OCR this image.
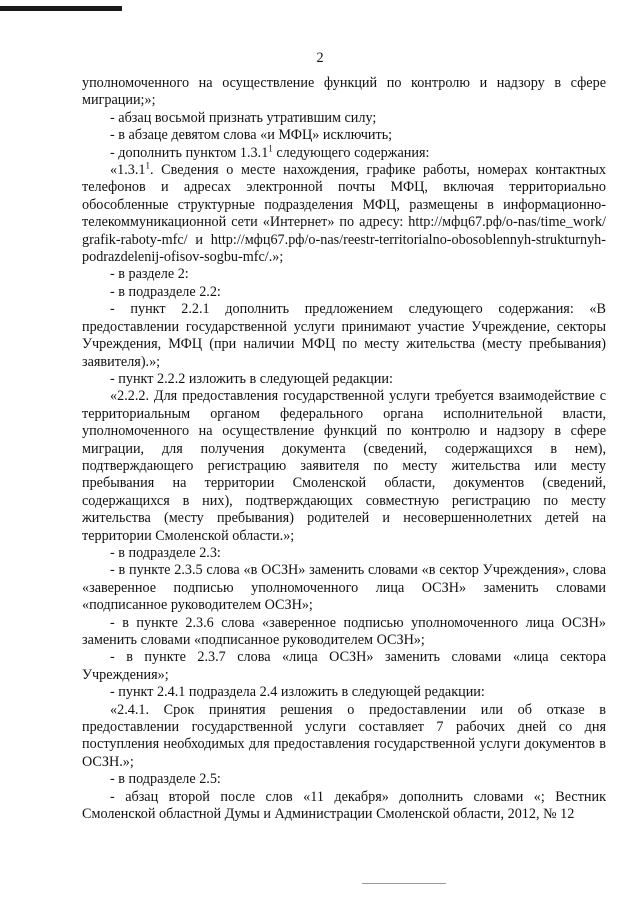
2

уполномоченного на осуществление функций по контролю и надзору в сфере миграции;»;

- абзац восьмой признать утратившим силу;

- в абзаце девятом слова «и МФЦ» исключить;

- дополнить пунктом 1.3.1$^1$ следующего содержания:

«1.3.1$^1$. Сведения о месте нахождения, графике работы, номерах контактных телефонов и адресах электронной почты МФЦ, включая территориально обособленные структурные подразделения МФЦ, размещены в информационно-телекоммуникационной сети «Интернет» по адресу: http://мфц67.рф/o-nas/time_work/ grafik-raboty-mfc/ и http://мфц67.рф/o-nas/reestr-territorialno-obosoblennyh-strukturnyh-podrazdelenij-ofisov-sogbu-mfc/.»;

- в разделе 2:

- в подразделе 2.2:

- пункт 2.2.1 дополнить предложением следующего содержания: «В предоставлении государственной услуги принимают участие Учреждение, секторы Учреждения, МФЦ (при наличии МФЦ по месту жительства (месту пребывания) заявителя).»;

- пункт 2.2.2 изложить в следующей редакции:

«2.2.2. Для предоставления государственной услуги требуется взаимодействие с территориальным органом федерального органа исполнительной власти, уполномоченного на осуществление функций по контролю и надзору в сфере миграции, для получения документа (сведений, содержащихся в нем), подтверждающего регистрацию заявителя по месту жительства или месту пребывания на территории Смоленской области, документов (сведений, содержащихся в них), подтверждающих совместную регистрацию по месту жительства (месту пребывания) родителей и несовершеннолетних детей на территории Смоленской области.»;

- в подразделе 2.3:

- в пункте 2.3.5 слова «в ОСЗН» заменить словами «в сектор Учреждения», слова «заверенное подписью уполномоченного лица ОСЗН» заменить словами «подписанное руководителем ОСЗН»;

- в пункте 2.3.6 слова «заверенное подписью уполномоченного лица ОСЗН» заменить словами «подписанное руководителем ОСЗН»;

- в пункте 2.3.7 слова «лица ОСЗН» заменить словами «лица сектора Учреждения»;

- пункт 2.4.1 подраздела 2.4 изложить в следующей редакции:

«2.4.1. Срок принятия решения о предоставлении или об отказе в предоставлении государственной услуги составляет 7 рабочих дней со дня поступления необходимых для предоставления государственной услуги документов в ОСЗН.»;

- в подразделе 2.5:

- абзац второй после слов «11 декабря» дополнить словами «; Вестник Смоленской областной Думы и Администрации Смоленской области, 2012, № 12
